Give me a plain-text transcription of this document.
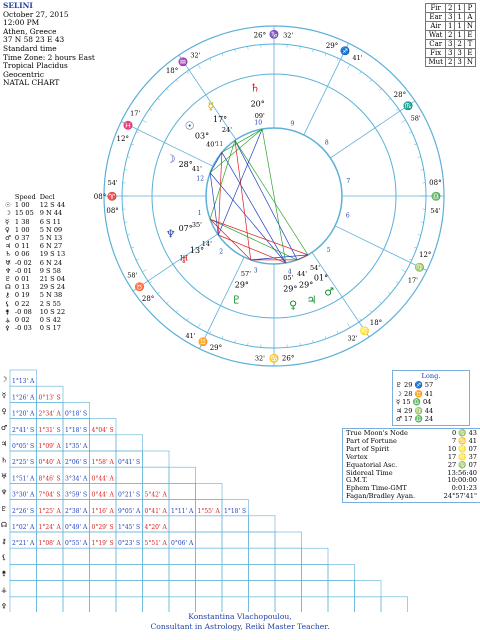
SELINI
October 27, 2015
12:00 PM
Athen, Greece
37 N 58 23 E 43
Standard time
Time Zone: 2 hours East
Tropical Placidus
Geocentric
NATAL CHART
Fir	2	1	P
Ear	3	1	A
Air	1	1	N
Wat	2	1	E
Car	3	2	T
Fix	3	3	E
Mut	2	3	N
1
08°
54'
♈
2
28°
58'
♉
3
29°
41'
♊
4
26°
32' ♋
5
18°
32'
♌
6
12°
17'
♍
7	08°
54'
♎
8
28°
58'
♏
9
29°
41'
♐
10
26°	32'
♑
11
18°
32'
♒
12
12°
17'
♓
♃
29°
44'
♀
29°
05'
♂
01°
54'
☉
03°
40'
☿
17°
24'
♄
20°
09'
♆ 07° 35'
♅
13°
14'
♇
29°
57'
☽ 28°
41'
08°
	Speed	Decl
☉	1 00	12 S 44
☽	15 05	9 N 44
☿	1 38	6 S 11
♀	1 00	5 N 09
♂	0 37	5 N 13
♃	0 11	6 N 27
♄	0 06	19 S 13
♅	-0 02	6 N 24
♆	-0 01	9 S 58
♇	0 01	21 S 04
☊	0 13	29 S 24
⚷	0 19	5 N 38
⚸	0 22	2 S 55
⚵	-0 08	10 S 22
⚶	0 02	0 S 42
⚴	-0 03	0 S 17
☽ 1°13' A
☿ 1°26' A 0°13' S
♀ 1°20' A 2°34' A 0°18' S
♂ 2°41' S 1°31' S 1°18' S 4°04' S
♃ 0°05' S 1°09' A 1°35' A
♄ 2°25' S 0°40' A 2°06' S 1°58' A 0°41' S
♅ 1°51' A 8°46' S 3°34' A 0°44' A
♆ 3°30' A 7°04' S 3°59' S 0°44' A 0°21' S 5°42' A
♇ 2°26' S 1°25' A 2°38' A 1°16' A 9°05' A 0°41' A 1°11' A 1°55' A 1°18' S
☊ 1°02' A 1°24' A 0°49' A 0°29' S 1°45' S 4°20' A
⚷ 2°21' A 1°08' A 0°55' A 1°19' S 0°23' S 5°51' A 0°06' A
⚸
⚵
⚶
⚴
Long.
♇ 29 ♐ 57
☽ 28 ♊ 41
☿ 15 ♎ 04
♃ 29 ♍ 44
♂ 17 ♎ 24
True Moon's Node	0 ♍ 43
Part of Fortune	7 ♋ 41
Part of Spirit	10 ♌ 07
Vertex	17 ♌ 37
Equatorial Asc.	27 ♍ 07
Sidereal Time	13:56:40
G.M.T.	10:00:00
Ephem Time-GMT	0:01:23
Fagan/Bradley Ayan.	24°57'41"
Konstantina Vlachopoulou,
Consultant in Astrology, Reiki Master Teacher.
